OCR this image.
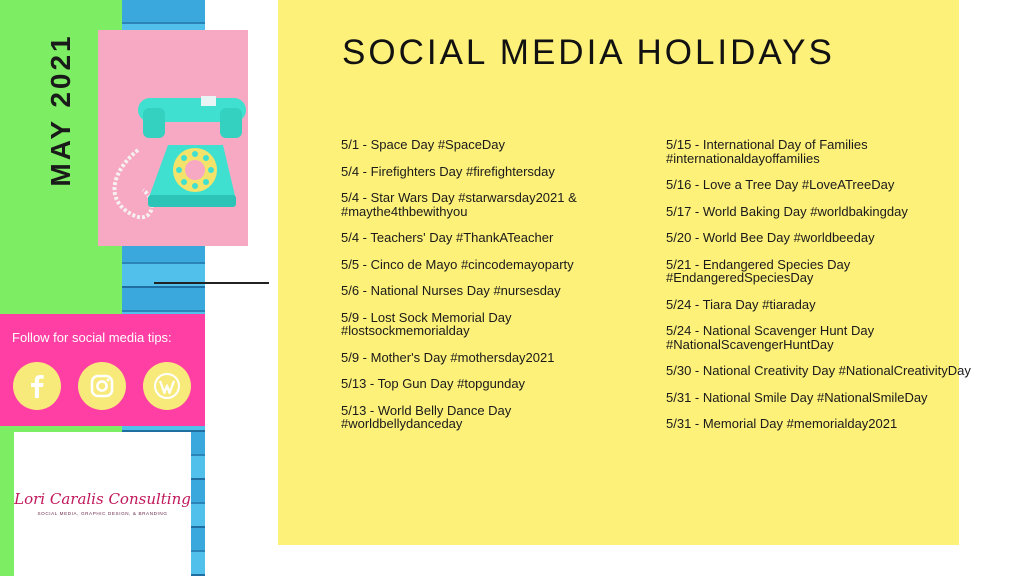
MAY 2021
Follow for social media tips:
Lori Caralis Consulting
SOCIAL MEDIA, GRAPHIC DESIGN, & BRANDING
SOCIAL MEDIA HOLIDAYS
5/1 - Space Day #SpaceDay
5/4 - Firefighters Day #firefightersday
5/4 - Star Wars Day #starwarsday2021 &
#maythe4thbewithyou
5/4 - Teachers' Day #ThankATeacher
5/5 - Cinco de Mayo #cincodemayoparty
5/6 - National Nurses Day #nursesday
5/9 - Lost Sock Memorial Day
#lostsockmemorialday
5/9 - Mother's Day #mothersday2021
5/13 - Top Gun Day #topgunday
5/13 - World Belly Dance Day
#worldbellydanceday
5/15 - International Day of Families
#internationaldayoffamilies
5/16 - Love a Tree Day #LoveATreeDay
5/17 - World Baking Day #worldbakingday
5/20 - World Bee Day #worldbeeday
5/21 - Endangered Species Day
#EndangeredSpeciesDay
5/24 - Tiara Day #tiaraday
5/24 - National Scavenger Hunt Day
#NationalScavengerHuntDay
5/30 - National Creativity Day #NationalCreativityDay
5/31 - National Smile Day #NationalSmileDay
5/31 - Memorial Day #memorialday2021
